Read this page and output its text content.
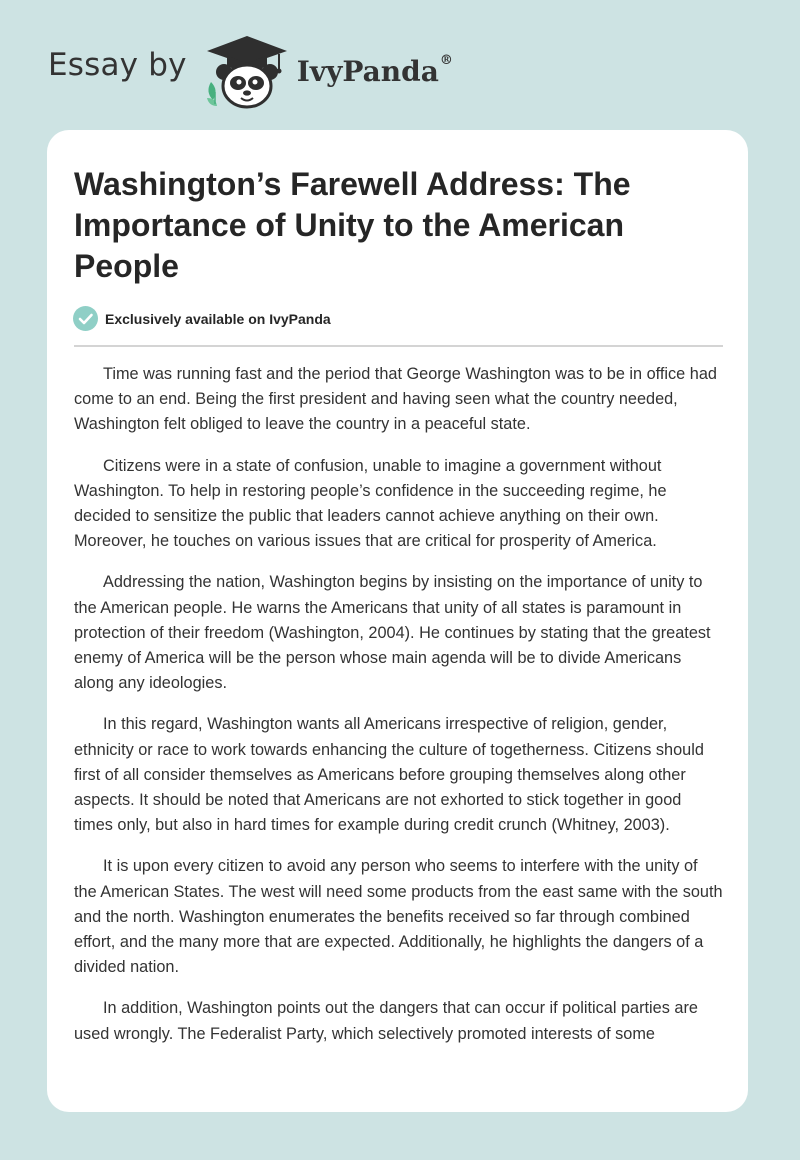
Essay by	IvyPanda®
Washington’s Farewell Address: The Importance of Unity to the American People
Exclusively available on IvyPanda

Time was running fast and the period that George Washington was to be in office had come to an end. Being the first president and having seen what the country needed, Washington felt obliged to leave the country in a peaceful state.

Citizens were in a state of confusion, unable to imagine a government without Washington. To help in restoring people’s confidence in the succeeding regime, he decided to sensitize the public that leaders cannot achieve anything on their own. Moreover, he touches on various issues that are critical for prosperity of America.

Addressing the nation, Washington begins by insisting on the importance of unity to the American people. He warns the Americans that unity of all states is paramount in protection of their freedom (Washington, 2004). He continues by stating that the greatest enemy of America will be the person whose main agenda will be to divide Americans along any ideologies.

In this regard, Washington wants all Americans irrespective of religion, gender, ethnicity or race to work towards enhancing the culture of togetherness. Citizens should first of all consider themselves as Americans before grouping themselves along other aspects. It should be noted that Americans are not exhorted to stick together in good times only, but also in hard times for example during credit crunch (Whitney, 2003).

It is upon every citizen to avoid any person who seems to interfere with the unity of the American States. The west will need some products from the east same with the south and the north. Washington enumerates the benefits received so far through combined effort, and the many more that are expected. Additionally, he highlights the dangers of a divided nation.

In addition, Washington points out the dangers that can occur if political parties are used wrongly. The Federalist Party, which selectively promoted interests of some
